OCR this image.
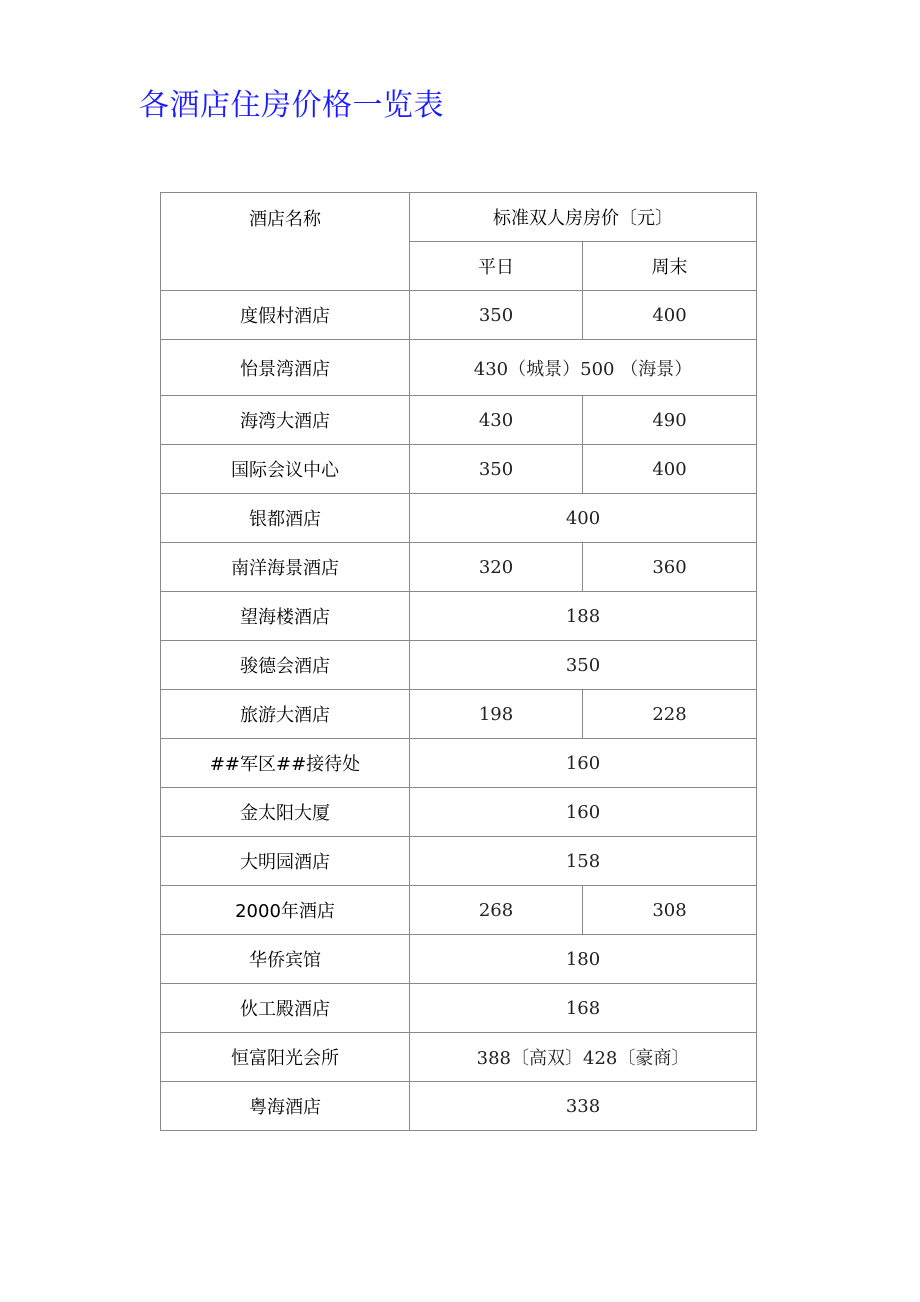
各酒店住房价格一览表
酒店名称	标准双人房房价〔元〕	
	平日	周末
度假村酒店	350	400
怡景湾酒店	430（城景）500 （海景）	
海湾大酒店	430	490
国际会议中心	350	400
银都酒店	400	
南洋海景酒店	320	360
望海楼酒店	188	
骏德会酒店	350	
旅游大酒店	198	228
##军区##接待处	160	
金太阳大厦	160	
大明园酒店	158	
2000年酒店	268	308
华侨宾馆	180	
伙工殿酒店	168	
恒富阳光会所	388〔高双〕428〔豪商〕	
粤海酒店	338	
